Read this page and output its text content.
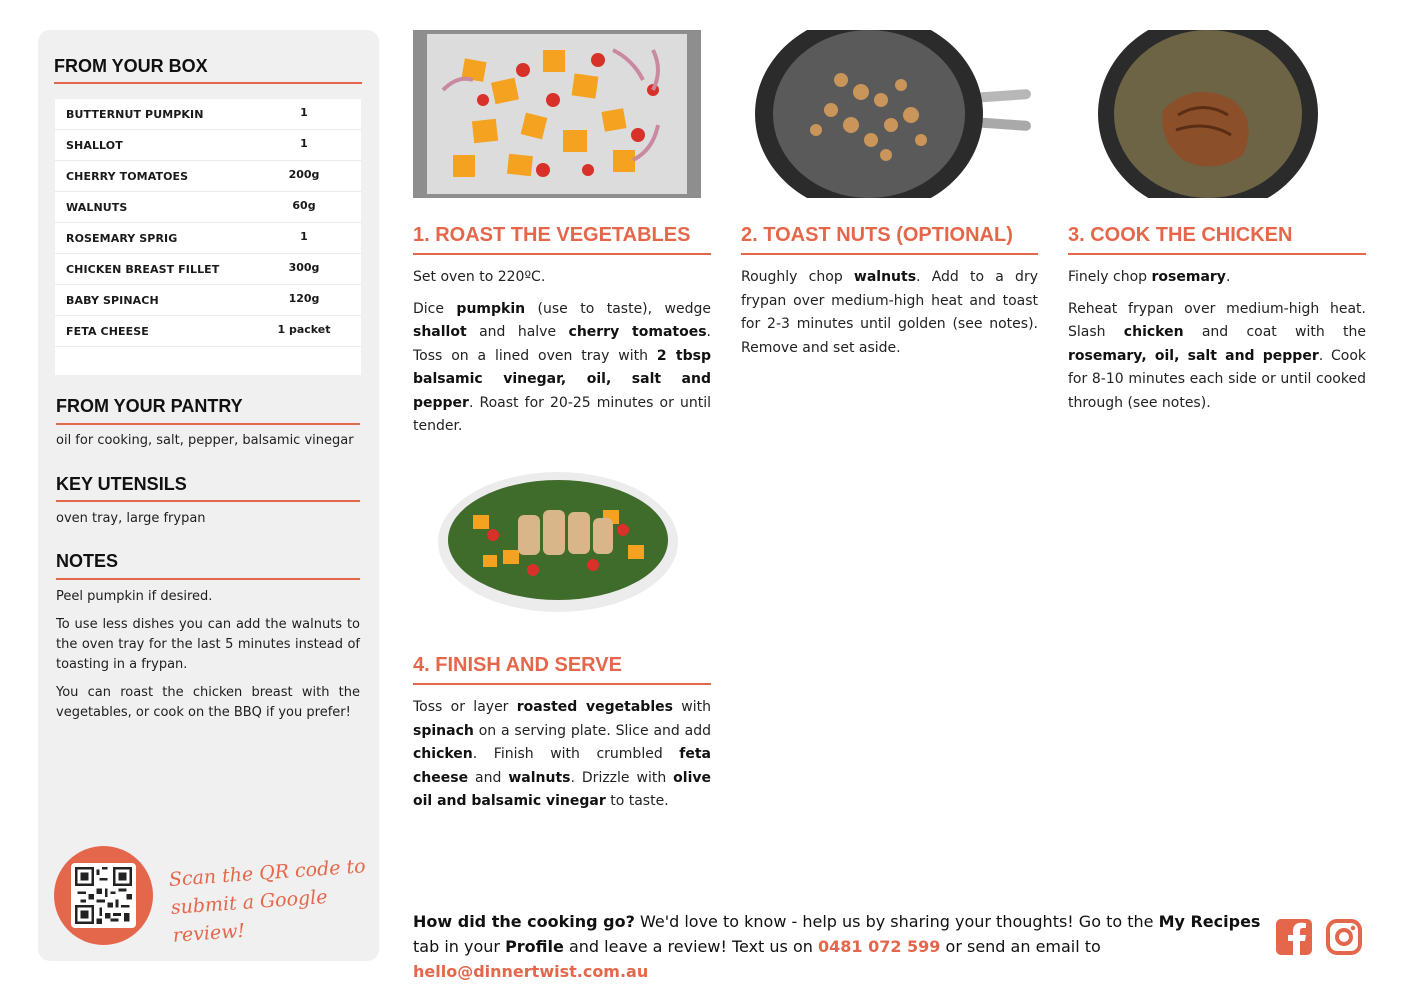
FROM YOUR BOX
BUTTERNUT PUMPKIN	1
SHALLOT	1
CHERRY TOMATOES	200g
WALNUTS	60g
ROSEMARY SPRIG	1
CHICKEN BREAST FILLET	300g
BABY SPINACH	120g
FETA CHEESE	1 packet
FROM YOUR PANTRY
oil for cooking, salt, pepper, balsamic vinegar
KEY UTENSILS
oven tray, large frypan
NOTES

Peel pumpkin if desired.

To use less dishes you can add the walnuts to the oven tray for the last 5 minutes instead of toasting in a frypan.

You can roast the chicken breast with the vegetables, or cook on the BBQ if you prefer!

Scan the QR code to
submit a Google review!
1. ROAST THE VEGETABLES

Set oven to 220ºC.

Dice pumpkin (use to taste), wedge shallot and halve cherry tomatoes. Toss on a lined oven tray with 2 tbsp balsamic vinegar, oil, salt and pepper. Roast for 20-25 minutes or until tender.

2. TOAST NUTS (OPTIONAL)

Roughly chop walnuts. Add to a dry frypan over medium-high heat and toast for 2-3 minutes until golden (see notes). Remove and set aside.

3. COOK THE CHICKEN

Finely chop rosemary.

Reheat frypan over medium-high heat. Slash chicken and coat with the rosemary, oil, salt and pepper. Cook for 8-10 minutes each side or until cooked through (see notes).

4. FINISH AND SERVE

Toss or layer roasted vegetables with spinach on a serving plate. Slice and add chicken. Finish with crumbled feta cheese and walnuts. Drizzle with olive oil and balsamic vinegar to taste.

How did the cooking go? We'd love to know - help us by sharing your thoughts! Go to the My Recipes tab in your Profile and leave a review! Text us on 0481 072 599 or send an email to hello@dinnertwist.com.au
